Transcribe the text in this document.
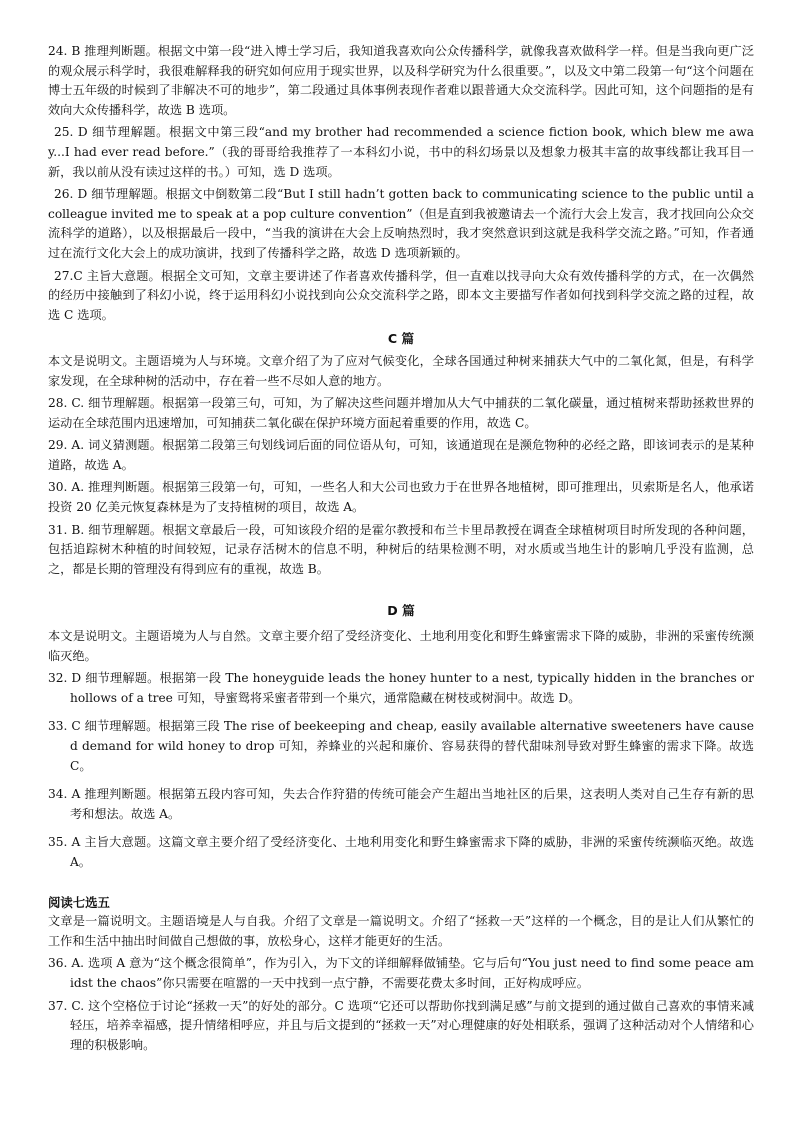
24. B 推理判断题。根据文中第一段“进入博士学习后，我知道我喜欢向公众传播科学，就像我喜欢做科学一样。但是当我向更广泛的观众展示科学时，我很难解释我的研究如何应用于现实世界，以及科学研究为什么很重要。”，以及文中第二段第一句“这个问题在博士五年级的时候到了非解决不可的地步”，第二段通过具体事例表现作者难以跟普通大众交流科学。因此可知，这个问题指的是有效向大众传播科学，故选 B 选项。

25. D 细节理解题。根据文中第三段“and my brother had recommended a science fiction book, which blew me away...I had ever read before.”（我的哥哥给我推荐了一本科幻小说，书中的科幻场景以及想象力极其丰富的故事线都让我耳目一新，我以前从没有读过这样的书。）可知，选 D 选项。

26. D 细节理解题。根据文中倒数第二段“But I still hadn’t gotten back to communicating science to the public until a colleague invited me to speak at a pop culture convention”（但是直到我被邀请去一个流行大会上发言，我才找回向公众交流科学的道路），以及根据最后一段中，“当我的演讲在大会上反响热烈时，我才突然意识到这就是我科学交流之路。”可知，作者通过在流行文化大会上的成功演讲，找到了传播科学之路，故选 D 选项新颖的。

27.C 主旨大意题。根据全文可知，文章主要讲述了作者喜欢传播科学，但一直难以找寻向大众有效传播科学的方式，在一次偶然的经历中接触到了科幻小说，终于运用科幻小说找到向公众交流科学之路，即本文主要描写作者如何找到科学交流之路的过程，故选 C 选项。

C 篇

本文是说明文。主题语境为人与环境。文章介绍了为了应对气候变化，全球各国通过种树来捕获大气中的二氧化氮，但是，有科学家发现，在全球种树的活动中，存在着一些不尽如人意的地方。

28. C. 细节理解题。根据第一段第三句，可知，为了解决这些问题并增加从大气中捕获的二氧化碳量，通过植树来帮助拯救世界的运动在全球范围内迅速增加，可知捕获二氧化碳在保护环境方面起着重要的作用，故选 C。

29. A. 词义猜测题。根据第二段第三句划线词后面的同位语从句，可知，该通道现在是濒危物种的必经之路，即该词表示的是某种道路，故选 A。

30. A. 推理判断题。根据第三段第一句，可知，一些名人和大公司也致力于在世界各地植树，即可推理出，贝索斯是名人，他承诺投资 20 亿美元恢复森林是为了支持植树的项目，故选 A。

31. B. 细节理解题。根据文章最后一段，可知该段介绍的是霍尔教授和布兰卡里昂教授在调查全球植树项目时所发现的各种问题，包括追踪树木种植的时间较短，记录存活树木的信息不明，种树后的结果检测不明，对水质或当地生计的影响几乎没有监测，总之，都是长期的管理没有得到应有的重视，故选 B。

D 篇

本文是说明文。主题语境为人与自然。文章主要介绍了受经济变化、土地利用变化和野生蜂蜜需求下降的威胁，非洲的采蜜传统濒临灭绝。

32. D 细节理解题。根据第一段 The honeyguide leads the honey hunter to a nest, typically hidden in the branches or hollows of a tree 可知，导蜜鸳将采蜜者带到一个巢穴，通常隐藏在树枝或树洞中。故选 D。

33. C 细节理解题。根据第三段 The rise of beekeeping and cheap, easily available alternative sweeteners have caused demand for wild honey to drop 可知，养蜂业的兴起和廉价、容易获得的替代甜味剂导致对野生蜂蜜的需求下降。故选 C。

34. A 推理判断题。根据第五段内容可知，失去合作狩猎的传统可能会产生超出当地社区的后果，这表明人类对自己生存有新的思考和想法。故选 A。

35. A 主旨大意题。这篇文章主要介绍了受经济变化、土地利用变化和野生蜂蜜需求下降的威胁，非洲的采蜜传统濒临灭绝。故选 A。

阅读七选五

文章是一篇说明文。主题语境是人与自我。介绍了文章是一篇说明文。介绍了“拯救一天”这样的一个概念，目的是让人们从繁忙的工作和生活中抽出时间做自己想做的事，放松身心，这样才能更好的生活。

36. A. 选项 A 意为“这个概念很简单”，作为引入，为下文的详细解释做铺垫。它与后句“You just need to find some peace amidst the chaos”你只需要在喧嚣的一天中找到一点宁静，不需要花费太多时间，正好构成呼应。

37. C. 这个空格位于讨论“拯救一天”的好处的部分。C 选项“它还可以帮助你找到满足感”与前文提到的通过做自己喜欢的事情来减轻压，培养幸福感，提升情绪相呼应，并且与后文提到的“拯救一天”对心理健康的好处相联系，强调了这种活动对个人情绪和心理的积极影响。
